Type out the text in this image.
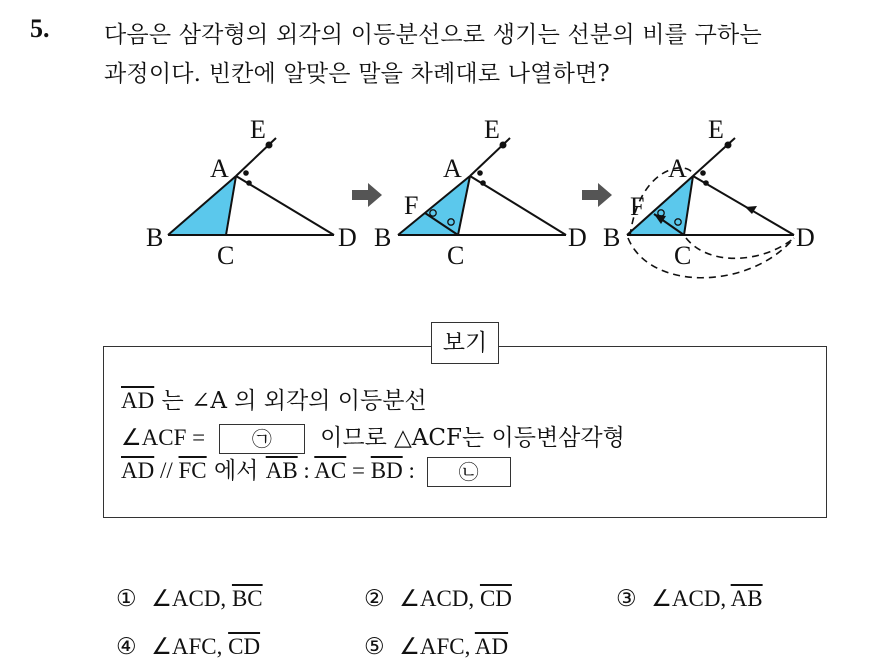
5. 다음은 삼각형의 외각의 이등분선으로 생기는 선분의 비를 구하는
과정이다. 빈칸에 알맞은 말을 차례대로 나열하면?
A
B
C
D
E
A
B
C
D
E
F
A
B
C
D
E
F
보기
$\overline{AD}$ 는 ∠A 의 외각의 이등분선
∠ACF = ㉠ 이므로 △ACF는 이등변삼각형
$\overline{AD} // \overline{FC}$ 에서 $\overline{AB}$ : $\overline{AC} = \overline{BD}$ : ㉡
① ∠ACD, $\overline{BC}$	② ∠ACD, $\overline{CD}$	③ ∠ACD, $\overline{AB}$
④ ∠AFC, $\overline{CD}$	⑤ ∠AFC, $\overline{AD}$
